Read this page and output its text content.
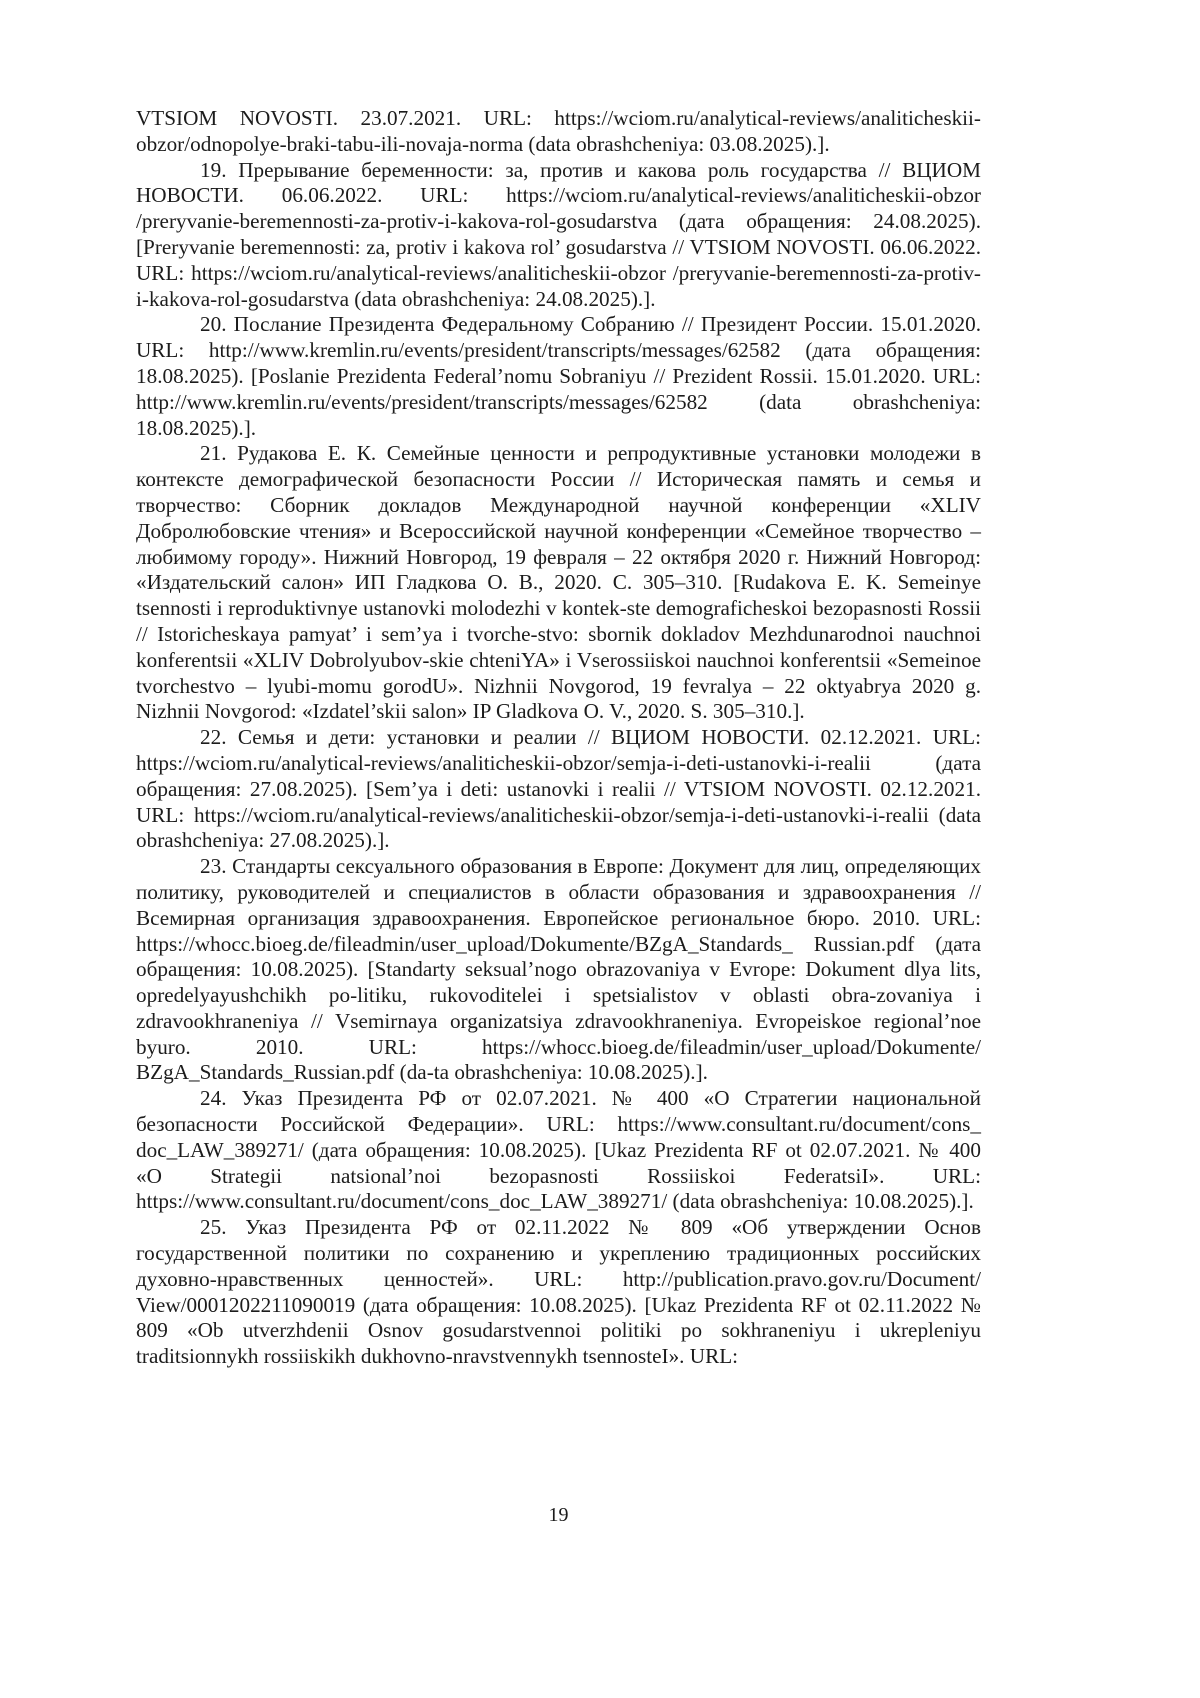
VTSIOM NOVOSTI. 23.07.2021. URL: https://wciom.ru/analytical-reviews/analiticheskii-obzor/odnopolye-braki-tabu-ili-novaja-norma (data obrashcheniya: 03.08.2025).].

19. Прерывание беременности: за, против и какова роль государства // ВЦИОМ НОВОСТИ. 06.06.2022. URL: https://wciom.ru/analytical-reviews/analiticheskii-obzor /preryvanie-beremennosti-za-protiv-i-kakova-rol-gosudarstva (дата обращения: 24.08.2025). [Preryvanie beremennosti: za, protiv i kakova rol’ gosudarstva // VTSIOM NOVOSTI. 06.06.2022. URL: https://wciom.ru/analytical-reviews/analiticheskii-obzor /preryvanie-beremennosti-za-protiv-i-kakova-rol-gosudarstva (data obrashcheniya: 24.08.2025).].

20. Послание Президента Федеральному Собранию // Президент России. 15.01.2020. URL: http://www.kremlin.ru/events/president/transcripts/messages/62582 (дата обращения: 18.08.2025). [Poslanie Prezidenta Federal’nomu Sobraniyu // Prezident Rossii. 15.01.2020. URL: http://www.kremlin.ru/events/president/transcripts/messages/62582 (data obrashcheniya: 18.08.2025).].

21. Рудакова Е. К. Семейные ценности и репродуктивные установки молодежи в контексте демографической безопасности России // Историческая память и семья и творчество: Сборник докладов Международной научной конференции «XLIV Добролюбовские чтения» и Всероссийской научной конференции «Семейное творчество – любимому городу». Нижний Новгород, 19 февраля – 22 октября 2020 г. Нижний Новгород: «Издательский салон» ИП Гладкова О. В., 2020. С. 305–310. [Rudakova E. K. Semeinye tsennosti i reproduktivnye ustanovki molodezhi v kontek-ste demograficheskoi bezopasnosti Rossii // Istoricheskaya pamyat’ i sem’ya i tvorche-stvo: sbornik dokladov Mezhdunarodnoi nauchnoi konferentsii «XLIV Dobrolyubov-skie chteniYA» i Vserossiiskoi nauchnoi konferentsii «Semeinoe tvorchestvo – lyubi-momu gorodU». Nizhnii Novgorod, 19 fevralya – 22 oktyabrya 2020 g. Nizhnii Novgorod: «Izdatel’skii salon» IP Gladkova O. V., 2020. S. 305–310.].

22. Семья и дети: установки и реалии // ВЦИОМ НОВОСТИ. 02.12.2021. URL: https://wciom.ru/analytical-reviews/analiticheskii-obzor/semja-i-deti-ustanovki-i-realii (дата обращения: 27.08.2025). [Sem’ya i deti: ustanovki i realii // VTSIOM NOVOSTI. 02.12.2021. URL: https://wciom.ru/analytical-reviews/analiticheskii-obzor/semja-i-deti-ustanovki-i-realii (data obrashcheniya: 27.08.2025).].

23. Стандарты сексуального образования в Европе: Документ для лиц, определяющих политику, руководителей и специалистов в области образования и здравоохранения // Всемирная организация здравоохранения. Европейское региональное бюро. 2010. URL: https://whocc.bioeg.de/fileadmin/user_upload/Dokumente/BZgA_Standards_ Russian.pdf (дата обращения: 10.08.2025). [Standarty seksual’nogo obrazovaniya v Evrope: Dokument dlya lits, opredelyayushchikh po-litiku, rukovoditelei i spetsialistov v oblasti obra-zovaniya i zdravookhraneniya // Vsemirnaya organizatsiya zdravookhraneniya. Evropeiskoe regional’noe byuro. 2010. URL: https://whocc.bioeg.de/fileadmin/user_upload/Dokumente/ BZgA_Standards_Russian.pdf (da-ta obrashcheniya: 10.08.2025).].

24. Указ Президента РФ от 02.07.2021. № 400 «О Стратегии национальной безопасности Российской Федерации». URL: https://www.consultant.ru/document/cons_ doc_LAW_389271/ (дата обращения: 10.08.2025). [Ukaz Prezidenta RF ot 02.07.2021. № 400 «O Strategii natsional’noi bezopasnosti Rossiiskoi FederatsiI». URL: https://www.consultant.ru/document/cons_doc_LAW_389271/ (data obrashcheniya: 10.08.2025).].

25. Указ Президента РФ от 02.11.2022 № 809 «Об утверждении Основ государственной политики по сохранению и укреплению традиционных российских духовно-нравственных ценностей». URL: http://publication.pravo.gov.ru/Document/ View/0001202211090019 (дата обращения: 10.08.2025). [Ukaz Prezidenta RF ot 02.11.2022 № 809 «Ob utverzhdenii Osnov gosudarstvennoi politiki po sokhraneniyu i ukrepleniyu traditsionnykh rossiiskikh dukhovno-nravstvennykh tsennosteI». URL:

19
